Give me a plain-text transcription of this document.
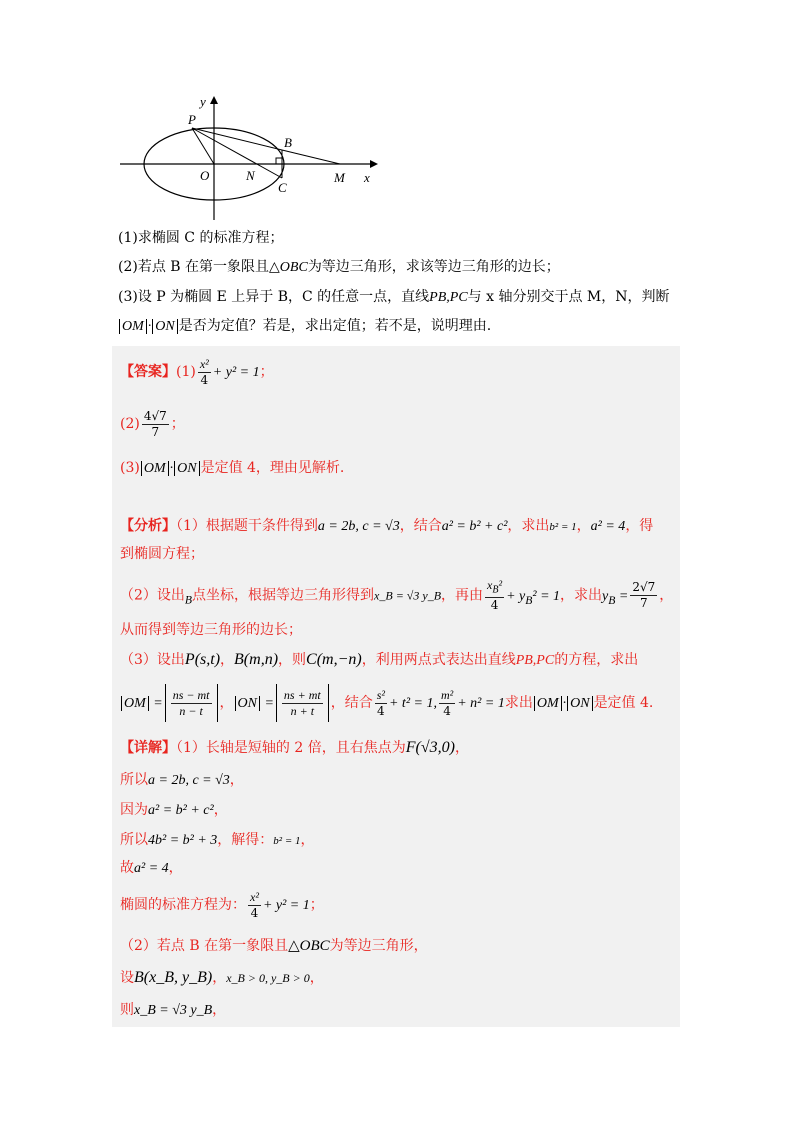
y
x
P
B
O	N
C
M
(1)求椭圆 C 的标准方程；
(2)若点 B 在第一象限且△OBC为等边三角形，求该等边三角形的边长；
(3)设 P 为椭圆 E 上异于 B，C 的任意一点，直线PB,PC与 x 轴分别交于点 M，N，判断
OM · ON 是否为定值？若是，求出定值；若不是，说明理由.
【答案】$(1) \frac{\text{x²}}{4} + y^2 = 1$；
$(2) \frac{4√7}{7}$ ；
(3) OM · ON 是定值 4，理由见解析.
【分析】（1）根据题干条件得到a = 2b, c = √3，结合a² = b² + c²，求出b² = 1，a² = 4，得
到椭圆方程；
（2）设出$_B$点坐标，根据等边三角形得到x_B = √3 y_B，再由 $\frac{x_B^2}{4} + y_B^2 = 1$，求出$y_B = \frac{2√7}{7}$ ，
从而得到等边三角形的边长；
（3）设出P(s,t)，B(m,n)，则C(m,−n)，利用两点式表达出直线PB,PC的方程，求出
OM = $\frac{ns - mt}{n - t}$ ， ON = $\frac{ns + mt}{n + t}$ ，结合 $\frac{\text{s²}}{4} + t^2 = 1$, $\frac{\text{m²}}{4} + n^2 = 1$求出 OM · ON 是定值 4.
【详解】（1）长轴是短轴的 2 倍，且右焦点为F(√3,0)，
所以a = 2b, c = √3，
因为a² = b² + c²，
所以4b² = b² + 3，解得：b² = 1，
故a² = 4，
椭圆的标准方程为： $\frac{\text{x²}}{4} + y^2 = 1$；
（2）若点 B 在第一象限且△OBC为等边三角形，
设B(x_B, y_B)，x_B > 0, y_B > 0，
则x_B = √3 y_B，
